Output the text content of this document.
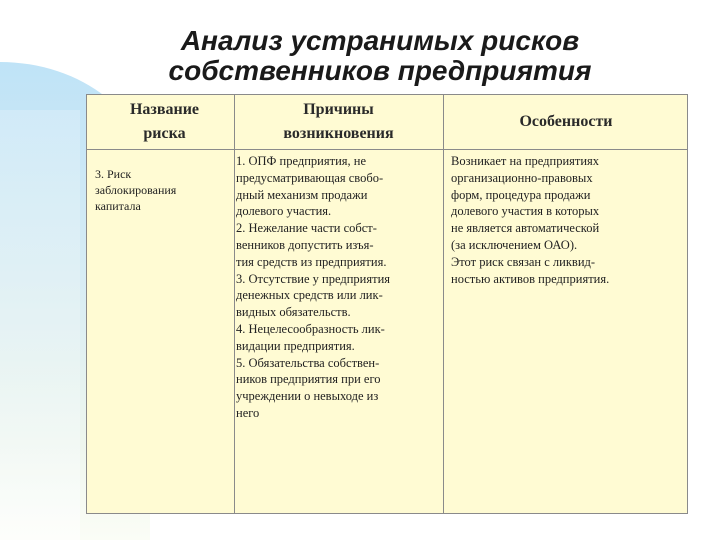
Анализ устранимых рисков
собственников предприятия
Название
риска
Причины
возникновения
Особенности
3. Риск
заблокирования
капитала
1. ОПФ предприятия, не
предусматривающая свобо-
дный механизм продажи
долевого участия.
2. Нежелание части собст-
венников допустить изъя-
тия средств из предприятия.
3. Отсутствие у предприятия
денежных средств или лик-
видных обязательств.
4. Нецелесообразность лик-
видации предприятия.
5. Обязательства собствен-
ников предприятия при его
учреждении о невыходе из
него
Возникает на предприятиях
организационно-правовых
форм, процедура продажи
долевого участия в которых
не является автоматической
(за исключением ОАО).
Этот риск связан с ликвид-
ностью активов предприятия.
